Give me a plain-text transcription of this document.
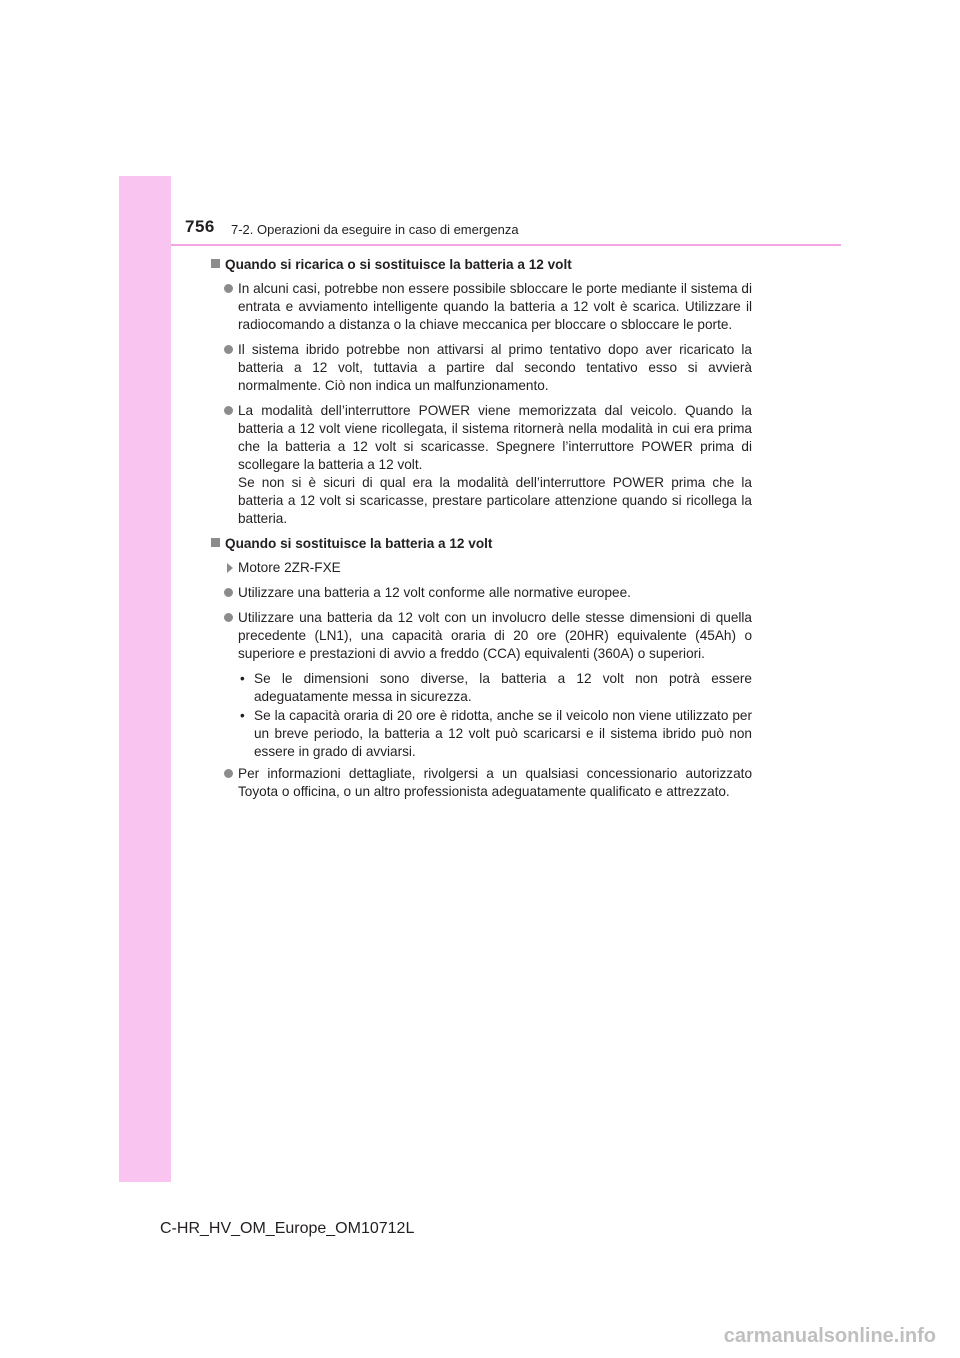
756 7-2. Operazioni da eseguire in caso di emergenza
Quando si ricarica o si sostituisce la batteria a 12 volt

In alcuni casi, potrebbe non essere possibile sbloccare le porte mediante il sistema di entrata e avviamento intelligente quando la batteria a 12 volt è scarica. Utilizzare il radiocomando a distanza o la chiave meccanica per bloccare o sbloccare le porte.

Il sistema ibrido potrebbe non attivarsi al primo tentativo dopo aver ricaricato la batteria a 12 volt, tuttavia a partire dal secondo tentativo esso si avvierà normalmente. Ciò non indica un malfunzionamento.

La modalità dell’interruttore POWER viene memorizzata dal veicolo. Quando la batteria a 12 volt viene ricollegata, il sistema ritornerà nella modalità in cui era prima che la batteria a 12 volt si scaricasse. Spegnere l’interruttore POWER prima di scollegare la batteria a 12 volt.

Se non si è sicuri di qual era la modalità dell’interruttore POWER prima che la batteria a 12 volt si scaricasse, prestare particolare attenzione quando si ricollega la batteria.

Quando si sostituisce la batteria a 12 volt
Motore 2ZR-FXE

Utilizzare una batteria a 12 volt conforme alle normative europee.

Utilizzare una batteria da 12 volt con un involucro delle stesse dimensioni di quella precedente (LN1), una capacità oraria di 20 ore (20HR) equivalente (45Ah) o superiore e prestazioni di avvio a freddo (CCA) equivalenti (360A) o superiori.

• Se le dimensioni sono diverse, la batteria a 12 volt non potrà essere adeguatamente messa in sicurezza.
• Se la capacità oraria di 20 ore è ridotta, anche se il veicolo non viene utilizzato per un breve periodo, la batteria a 12 volt può scaricarsi e il sistema ibrido può non essere in grado di avviarsi.

Per informazioni dettagliate, rivolgersi a un qualsiasi concessionario autorizzato Toyota o officina, o un altro professionista adeguatamente qualificato e attrezzato.

C-HR_HV_OM_Europe_OM10712L
carmanualsonline.info
